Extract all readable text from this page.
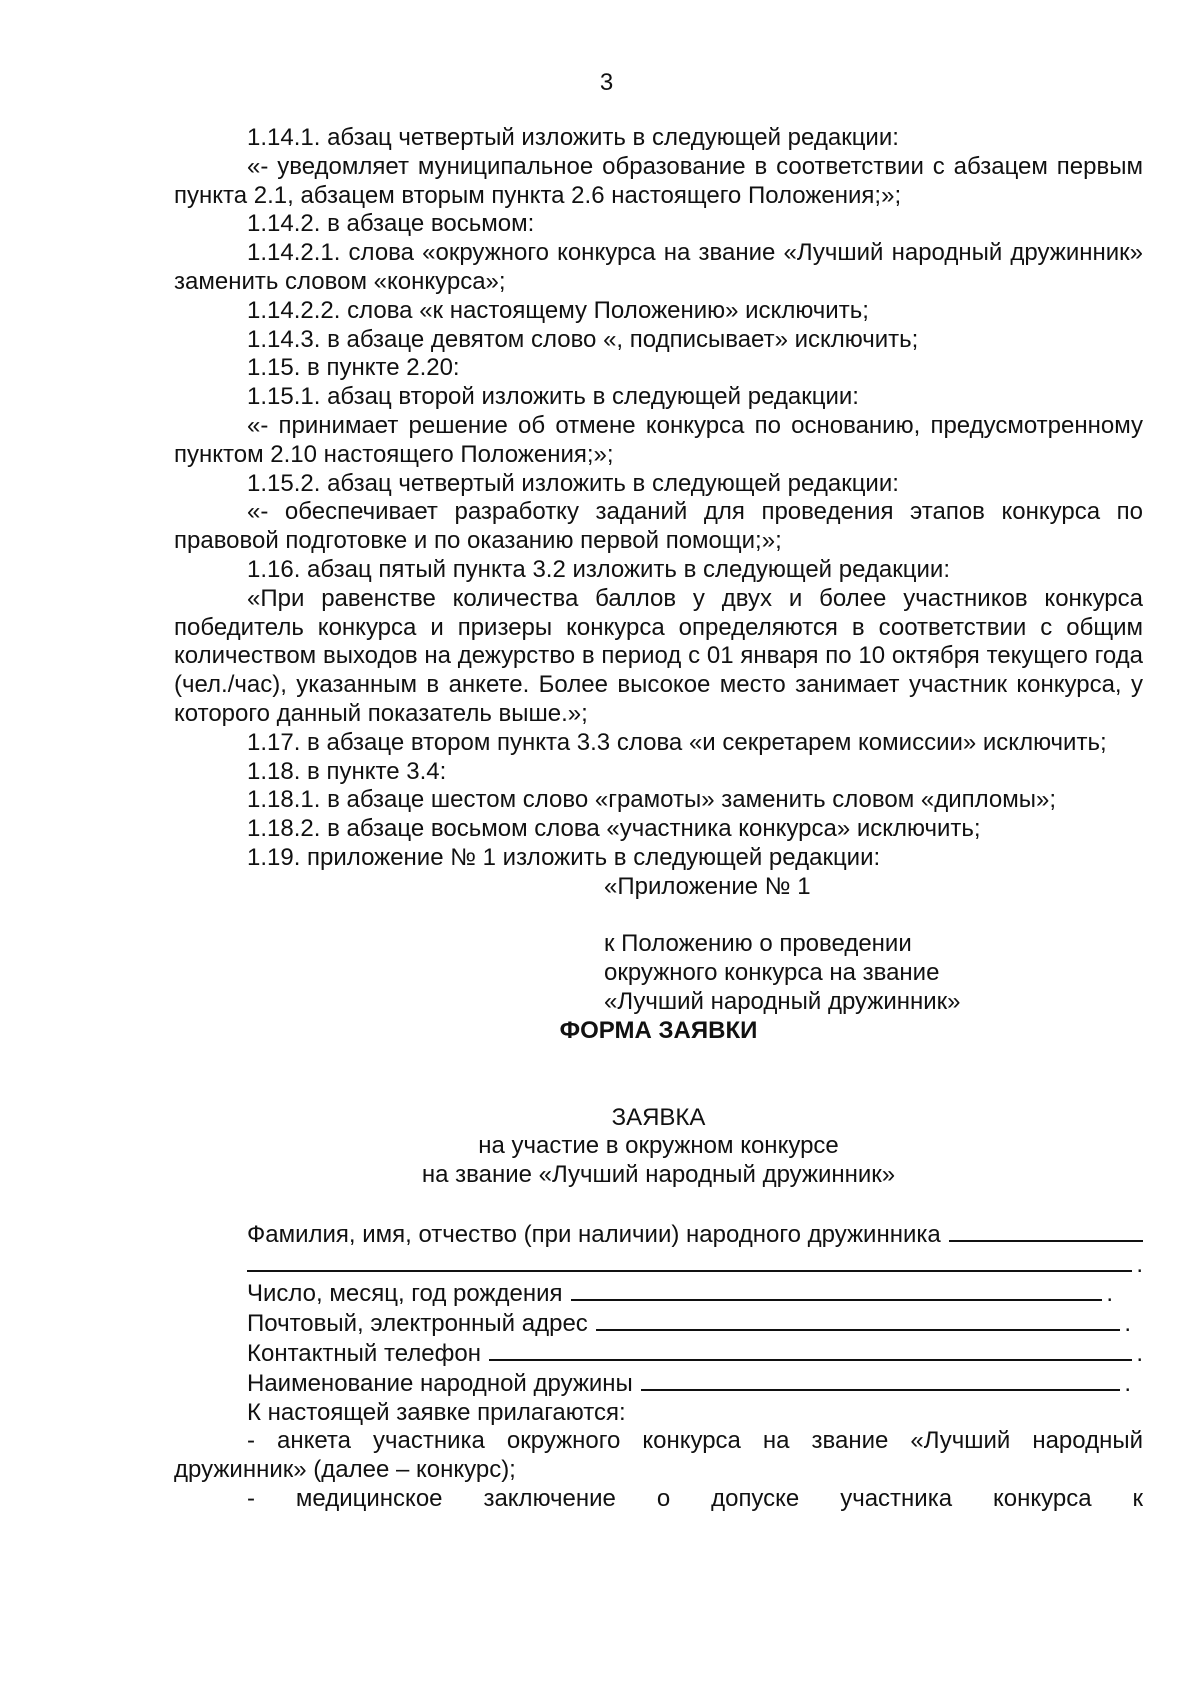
3

1.14.1. абзац четвертый изложить в следующей редакции:

«- уведомляет муниципальное образование в соответствии с абзацем первым пункта 2.1, абзацем вторым пункта 2.6 настоящего Положения;»;

1.14.2. в абзаце восьмом:

1.14.2.1. слова «окружного конкурса на звание «Лучший народный дружинник» заменить словом «конкурса»;

1.14.2.2. слова «к настоящему Положению» исключить;

1.14.3. в абзаце девятом слово «, подписывает» исключить;

1.15. в пункте 2.20:

1.15.1. абзац второй изложить в следующей редакции:

«- принимает решение об отмене конкурса по основанию, предусмотренному пунктом 2.10 настоящего Положения;»;

1.15.2. абзац четвертый изложить в следующей редакции:

«- обеспечивает разработку заданий для проведения этапов конкурса по правовой подготовке и по оказанию первой помощи;»;

1.16. абзац пятый пункта 3.2 изложить в следующей редакции:

«При равенстве количества баллов у двух и более участников конкурса победитель конкурса и призеры конкурса определяются в соответствии с общим количеством выходов на дежурство в период с 01 января по 10 октября текущего года (чел./час), указанным в анкете. Более высокое место занимает участник конкурса, у которого данный показатель выше.»;

1.17. в абзаце втором пункта 3.3 слова «и секретарем комиссии» исключить;

1.18. в пункте 3.4:

1.18.1. в абзаце шестом слово «грамоты» заменить словом «дипломы»;

1.18.2. в абзаце восьмом слова «участника конкурса» исключить;

1.19. приложение № 1 изложить в следующей редакции:

«Приложение № 1

к Положению о проведении

окружного конкурса на звание

«Лучший народный дружинник»

ФОРМА ЗАЯВКИ

ЗАЯВКА

на участие в окружном конкурсе

на звание «Лучший народный дружинник»

Фамилия, имя, отчество (при наличии) народного дружинника
.
Число, месяц, год рождения	.
Почтовый, электронный адрес	.
Контактный телефон	.
Наименование народной дружины	.

К настоящей заявке прилагаются:

- анкета участника окружного конкурса на звание «Лучший народный дружинник» (далее – конкурс);

- медицинское заключение о допуске участника конкурса к
